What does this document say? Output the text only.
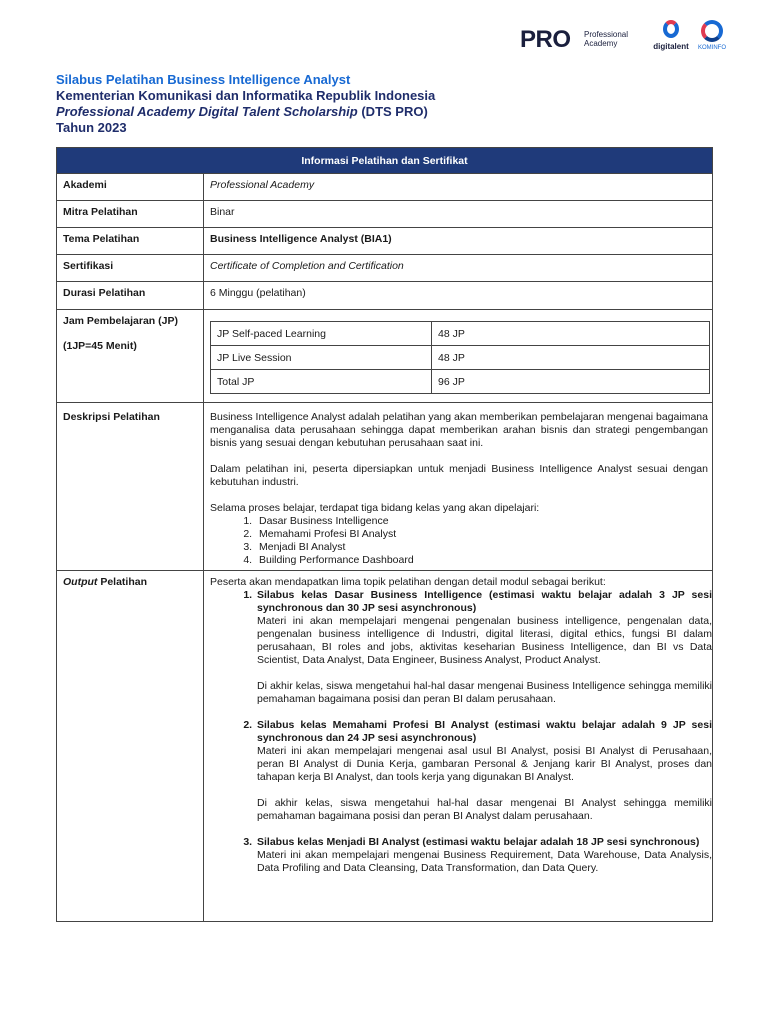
PRO Professional
Academy	digitalent	KOMINFO
Silabus Pelatihan Business Intelligence Analyst
Kementerian Komunikasi dan Informatika Republik Indonesia
Professional Academy Digital Talent Scholarship (DTS PRO)
Tahun 2023
Informasi Pelatihan dan Sertifikat
Akademi	Professional Academy
Mitra Pelatihan	Binar
Tema Pelatihan	Business Intelligence Analyst (BIA1)
Sertifikasi	Certificate of Completion and Certification
Durasi Pelatihan	6 Minggu (pelatihan)

Jam Pembelajaran (JP)
(1JP=45 Menit)

JP Self-paced Learning	48 JP
JP Live Session	48 JP
Total JP	96 JP

Deskripsi Pelatihan	Business Intelligence Analyst adalah pelatihan yang akan memberikan pembelajaran mengenai bagaimana menganalisa data perusahaan sehingga dapat memberikan arahan bisnis dan strategi pengembangan bisnis yang sesuai dengan kebutuhan perusahaan saat ini.
Dalam pelatihan ini, peserta dipersiapkan untuk menjadi Business Intelligence Analyst sesuai dengan kebutuhan industri.
Selama proses belajar, terdapat tiga bidang kelas yang akan dipelajari:
1. Dasar Business Intelligence
2. Memahami Profesi BI Analyst
3. Menjadi BI Analyst
4. Building Performance Dashboard

Output Pelatihan	Peserta akan mendapatkan lima topik pelatihan dengan detail modul sebagai berikut:
1. Silabus kelas Dasar Business Intelligence (estimasi waktu belajar adalah 3 JP sesi synchronous dan 30 JP sesi asynchronous)
Materi ini akan mempelajari mengenai pengenalan business intelligence, pengenalan data, pengenalan business intelligence di Industri, digital literasi, digital ethics, fungsi BI dalam perusahaan, BI roles and jobs, aktivitas keseharian Business Intelligence, dan BI vs Data Scientist, Data Analyst, Data Engineer, Business Analyst, Product Analyst.
Di akhir kelas, siswa mengetahui hal-hal dasar mengenai Business Intelligence sehingga memiliki pemahaman bagaimana posisi dan peran BI dalam perusahaan.
2. Silabus kelas Memahami Profesi BI Analyst (estimasi waktu belajar adalah 9 JP sesi synchronous dan 24 JP sesi asynchronous)
Materi ini akan mempelajari mengenai asal usul BI Analyst, posisi BI Analyst di Perusahaan, peran BI Analyst di Dunia Kerja, gambaran Personal & Jenjang karir BI Analyst, proses dan tahapan kerja BI Analyst, dan tools kerja yang digunakan BI Analyst.
Di akhir kelas, siswa mengetahui hal-hal dasar mengenai BI Analyst sehingga memiliki pemahaman bagaimana posisi dan peran BI Analyst dalam perusahaan.
3. Silabus kelas Menjadi BI Analyst (estimasi waktu belajar adalah 18 JP sesi synchronous)
Materi ini akan mempelajari mengenai Business Requirement, Data Warehouse, Data Analysis, Data Profiling and Data Cleansing, Data Transformation, dan Data Query.
